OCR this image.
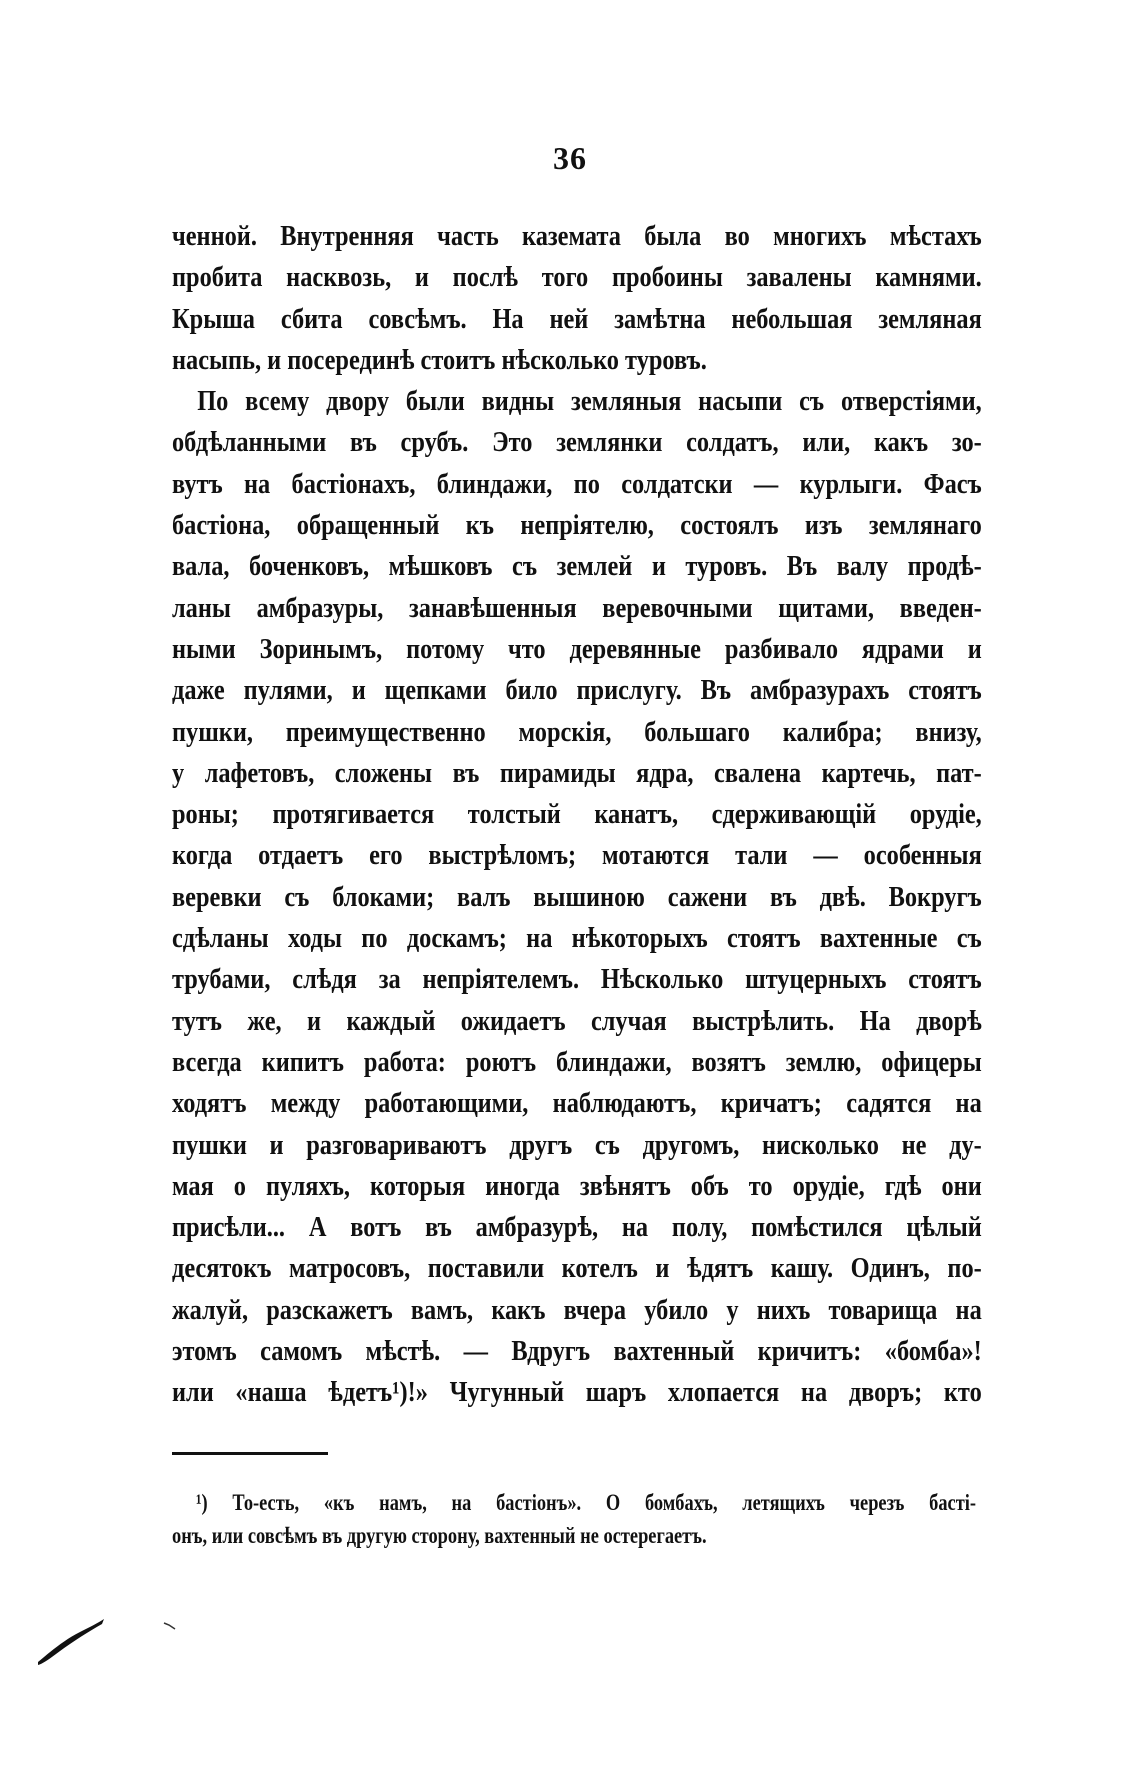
36
ченной. Внутренняя часть каземата была во многихъ мѣстахъ
пробита насквозь, и послѣ того пробоины завалены камнями.
Крыша сбита совсѣмъ. На ней замѣтна небольшая земляная
насыпь, и посерединѣ стоитъ нѣсколько туровъ.
По всему двору были видны земляныя насыпи съ отверстіями,
обдѣланными въ срубъ. Это землянки солдатъ, или, какъ зо-
вутъ на бастіонахъ, блиндажи, по солдатски — курлыги. Фасъ
бастіона, обращенный къ непріятелю, состоялъ изъ землянаго
вала, боченковъ, мѣшковъ съ землей и туровъ. Въ валу продѣ-
ланы амбразуры, занавѣшенныя веревочными щитами, введен-
ными Зоринымъ, потому что деревянные разбивало ядрами и
даже пулями, и щепками било прислугу. Въ амбразурахъ стоятъ
пушки, преимущественно морскія, большаго калибра; внизу,
у лафетовъ, сложены въ пирамиды ядра, свалена картечь, пат-
роны; протягивается толстый канатъ, сдерживающій орудіе,
когда отдаетъ его выстрѣломъ; мотаются тали — особенныя
веревки съ блоками; валъ вышиною сажени въ двѣ. Вокругъ
сдѣланы ходы по доскамъ; на нѣкоторыхъ стоятъ вахтенные съ
трубами, слѣдя за непріятелемъ. Нѣсколько штуцерныхъ стоятъ
тутъ же, и каждый ожидаетъ случая выстрѣлить. На дворѣ
всегда кипитъ работа: роютъ блиндажи, возятъ землю, офицеры
ходятъ между работающими, наблюдаютъ, кричатъ; садятся на
пушки и разговариваютъ другъ съ другомъ, нисколько не ду-
мая о пуляхъ, которыя иногда звѣнятъ объ то орудіе, гдѣ они
присѣли... А вотъ въ амбразурѣ, на полу, помѣстился цѣлый
десятокъ матросовъ, поставили котелъ и ѣдятъ кашу. Одинъ, по-
жалуй, разскажетъ вамъ, какъ вчера убило у нихъ товарища на
этомъ самомъ мѣстѣ. — Вдругъ вахтенный кричитъ: «бомба»!
или «наша ѣдетъ¹)!» Чугунный шаръ хлопается на дворъ; кто
¹) То-есть, «къ намъ, на бастіонъ». О бомбахъ, летящихъ черезъ басті-
онъ, или совсѣмъ въ другую сторону, вахтенный не остерегаетъ.
